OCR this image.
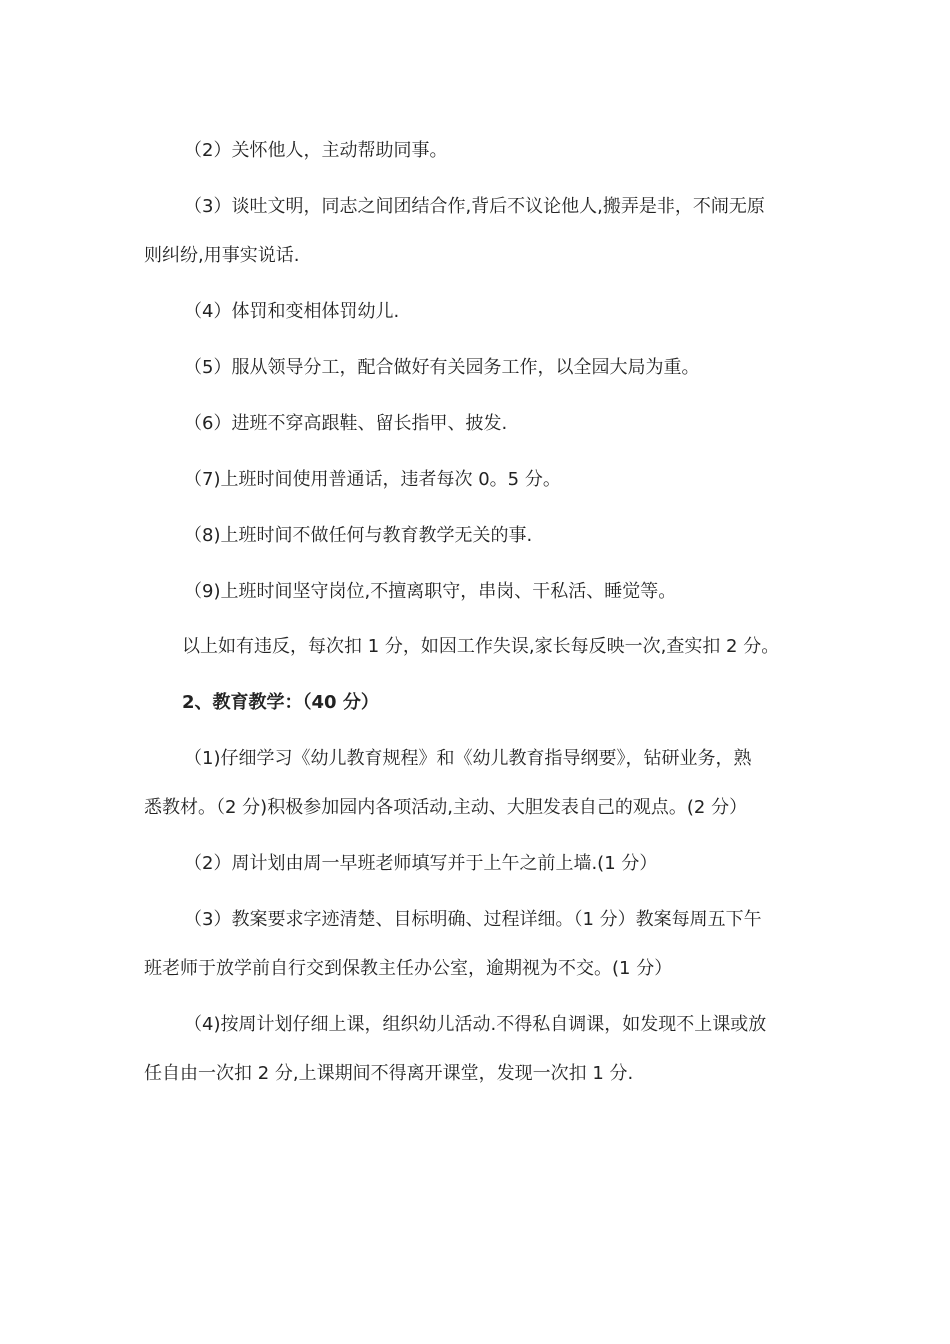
（2）关怀他人，主动帮助同事。
（3）谈吐文明，同志之间团结合作,背后不议论他人,搬弄是非，不闹无原
则纠纷,用事实说话.
（4）体罚和变相体罚幼儿.
（5）服从领导分工，配合做好有关园务工作，以全园大局为重。
（6）进班不穿高跟鞋、留长指甲、披发.
（7)上班时间使用普通话，违者每次 0。5 分。
（8)上班时间不做任何与教育教学无关的事.
（9)上班时间坚守岗位,不擅离职守，串岗、干私活、睡觉等。
以上如有违反，每次扣 1 分，如因工作失误,家长每反映一次,查实扣 2 分。
2、教育教学：（40 分）
（1)仔细学习《幼儿教育规程》和《幼儿教育指导纲要》，钻研业务，熟
悉教材。（2 分)积极参加园内各项活动,主动、大胆发表自己的观点。(2 分）
（2）周计划由周一早班老师填写并于上午之前上墙.(1 分）
（3）教案要求字迹清楚、目标明确、过程详细。（1 分）教案每周五下午
班老师于放学前自行交到保教主任办公室，逾期视为不交。(1 分）
（4)按周计划仔细上课，组织幼儿活动.不得私自调课，如发现不上课或放
任自由一次扣 2 分,上课期间不得离开课堂，发现一次扣 1 分.
